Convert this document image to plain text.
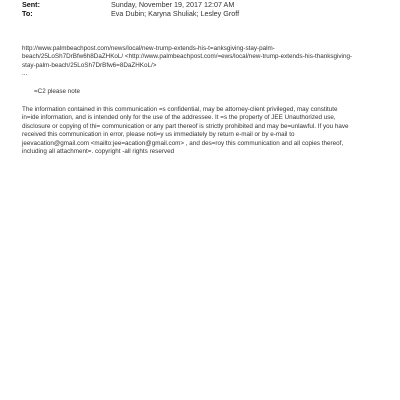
Sent:	Sunday, November 19, 2017 12:07 AM
To:	Eva Dubin; Karyna Shuliak; Lesley Groff
http://www.palmbeachpost.com/news/local/new-trump-extends-his-t=anksgiving-stay-palm-
beach/25LoSh7DrBfw6h8DaZHKoL/ <http://www.palmbeachpost.com/=ews/local/new-trump-extends-his-thanksgiving-
stay-palm-beach/25LoSh7DrBfw6=8DaZHKoL/>
...
=C2 please note
The information contained in this communication =s confidential, may be attorney-client privileged, may constitute
in=ide information, and is intended only for the use of the addressee. It =s the property of JEE Unauthorized use,
disclosure or copying of thi= communication or any part thereof is strictly prohibited and may be=unlawful. If you have
received this communication in error, please noti=y us immediately by return e-mail or by e-mail to
jeevacation@gmail.com <mailto:jee=acation@gmail.com> , and des=roy this communication and all copies thereof,
including all attachment=. copyright -all rights reserved
